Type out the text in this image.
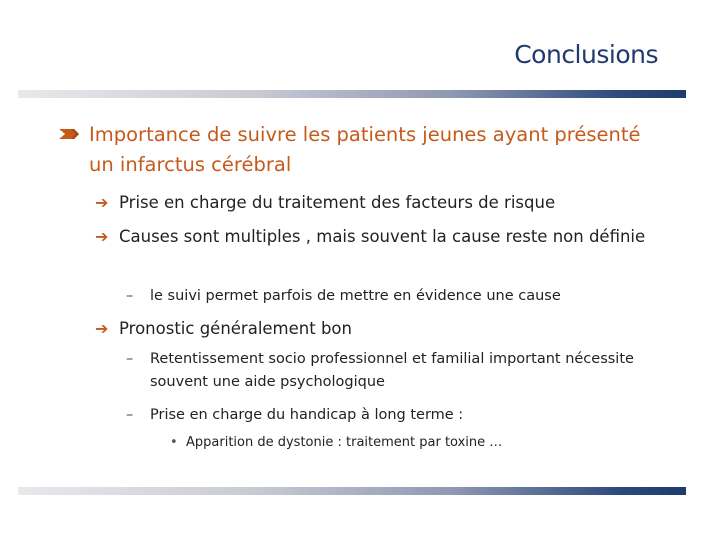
Conclusions
Importance de suivre les patients jeunes ayant présenté un infarctus cérébral
➔ Prise en charge du traitement des facteurs de risque
➔ Causes sont multiples , mais souvent la cause reste non définie
– le suivi permet parfois de mettre en évidence une cause
➔ Pronostic généralement bon
– Retentissement socio professionnel et familial important nécessite souvent une aide psychologique
– Prise en charge du handicap à long terme :
• Apparition de dystonie : traitement par toxine …
